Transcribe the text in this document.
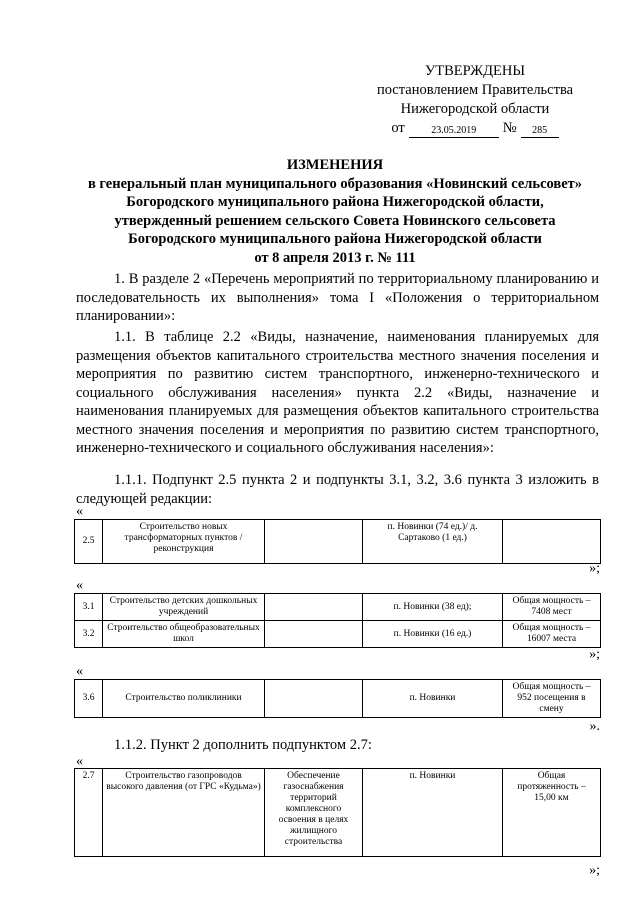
УТВЕРЖДЕНЫ
постановлением Правительства
Нижегородской области
от	23.05.2019	№	285
ИЗМЕНЕНИЯ
в генеральный план муниципального образования «Новинский сельсовет»
Богородского муниципального района Нижегородской области,
утвержденный решением сельского Совета Новинского сельсовета
Богородского муниципального района Нижегородской области
от 8 апреля 2013 г. № 111
1. В разделе 2 «Перечень мероприятий по территориальному планированию и последовательность их выполнения» тома I «Положения о территориальном планировании»:
1.1. В таблице 2.2 «Виды, назначение, наименования планируемых для размещения объектов капитального строительства местного значения поселения и мероприятия по развитию систем транспортного, инженерно-технического и социального обслуживания населения» пункта 2.2 «Виды, назначение и наименования планируемых для размещения объектов капитального строительства местного значения поселения и мероприятия по развитию систем транспортного, инженерно-технического и социального обслуживания населения»:
1.1.1. Подпункт 2.5 пункта 2 и подпункты 3.1, 3.2, 3.6 пункта 3 изложить в следующей редакции:
«
2.5	Строительство новых трансформаторных пунктов / реконструкция		п. Новинки (74 ед.)/ д. Сартаково (1 ед.)	
»;
«
3.1	Строительство детских дошкольных учреждений		п. Новинки (38 ед);	Общая мощность – 7408 мест
3.2	Строительство общеобразовательных школ		п. Новинки (16 ед.)	Общая мощность – 16007 места
»;
«
3.6	Строительство поликлиники		п. Новинки	Общая мощность – 952 посещения в смену
».
1.1.2. Пункт 2 дополнить подпунктом 2.7:
«
2.7	Строительство газопроводов высокого давления (от ГРС «Кудьма»)	Обеспечение газоснабжения территорий комплексного освоения в целях жилищного строительства	п. Новинки	Общая протяженность – 15,00 км
»;
